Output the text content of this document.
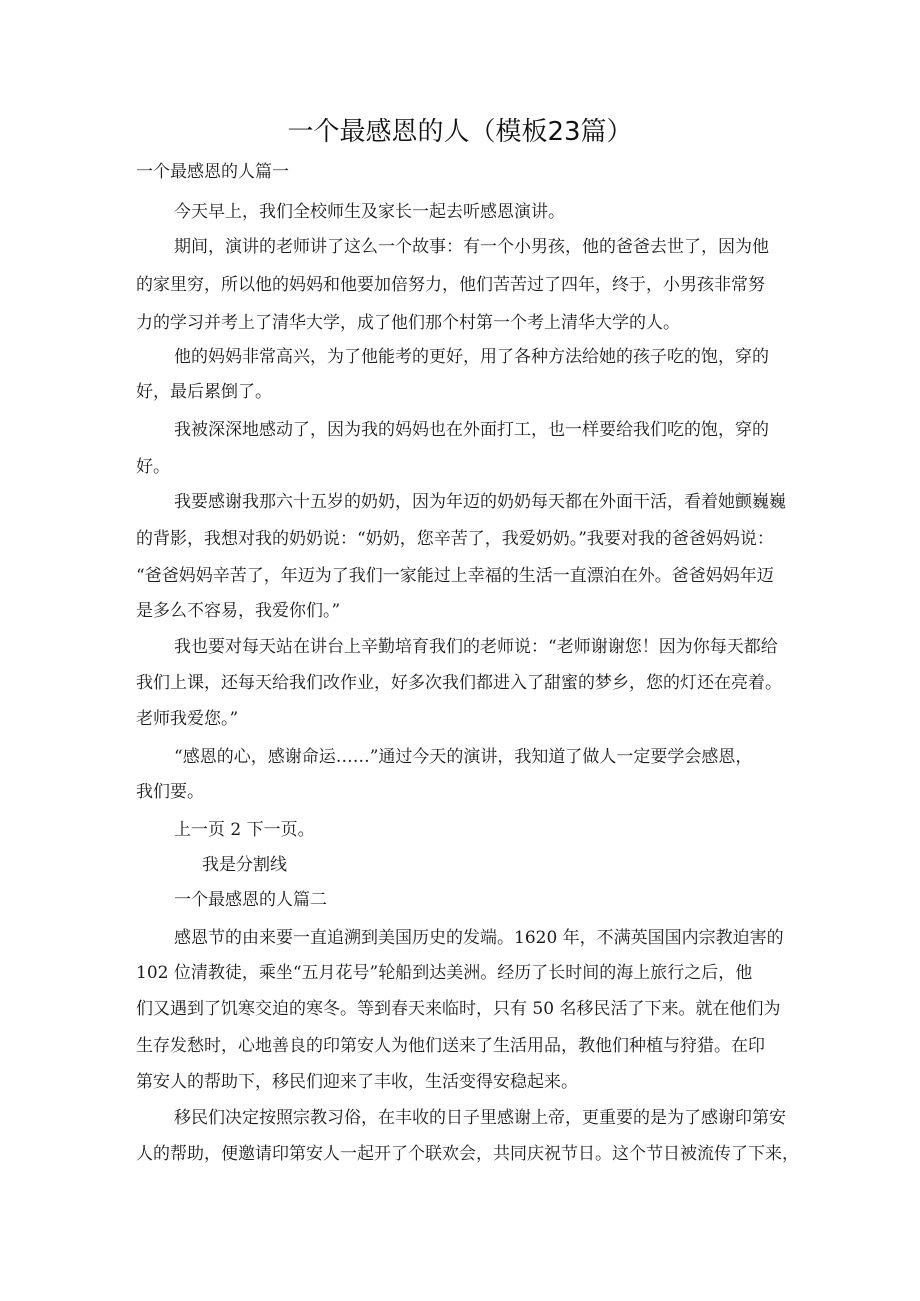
一个最感恩的人（模板23篇）
一个最感恩的人篇一
今天早上，我们全校师生及家长一起去听感恩演讲。
期间，演讲的老师讲了这么一个故事：有一个小男孩，他的爸爸去世了，因为他
的家里穷，所以他的妈妈和他要加倍努力，他们苦苦过了四年，终于，小男孩非常努
力的学习并考上了清华大学，成了他们那个村第一个考上清华大学的人。
他的妈妈非常高兴，为了他能考的更好，用了各种方法给她的孩子吃的饱，穿的
好，最后累倒了。
我被深深地感动了，因为我的妈妈也在外面打工，也一样要给我们吃的饱，穿的
好。
我要感谢我那六十五岁的奶奶，因为年迈的奶奶每天都在外面干活，看着她颤巍巍
的背影，我想对我的奶奶说：“奶奶，您辛苦了，我爱奶奶。”我要对我的爸爸妈妈说：
“爸爸妈妈辛苦了，年迈为了我们一家能过上幸福的生活一直漂泊在外。爸爸妈妈年迈
是多么不容易，我爱你们。”
我也要对每天站在讲台上辛勤培育我们的老师说：“老师谢谢您！因为你每天都给
我们上课，还每天给我们改作业，好多次我们都进入了甜蜜的梦乡，您的灯还在亮着。
老师我爱您。”
“感恩的心，感谢命运……”通过今天的演讲，我知道了做人一定要学会感恩，
我们要。
上一页 2 下一页。
我是分割线
一个最感恩的人篇二
感恩节的由来要一直追溯到美国历史的发端。1620 年，不满英国国内宗教迫害的
102 位清教徒，乘坐“五月花号”轮船到达美洲。经历了长时间的海上旅行之后，他
们又遇到了饥寒交迫的寒冬。等到春天来临时，只有 50 名移民活了下来。就在他们为
生存发愁时，心地善良的印第安人为他们送来了生活用品，教他们种植与狩猎。在印
第安人的帮助下，移民们迎来了丰收，生活变得安稳起来。
移民们决定按照宗教习俗，在丰收的日子里感谢上帝，更重要的是为了感谢印第安
人的帮助，便邀请印第安人一起开了个联欢会，共同庆祝节日。这个节日被流传了下来，
